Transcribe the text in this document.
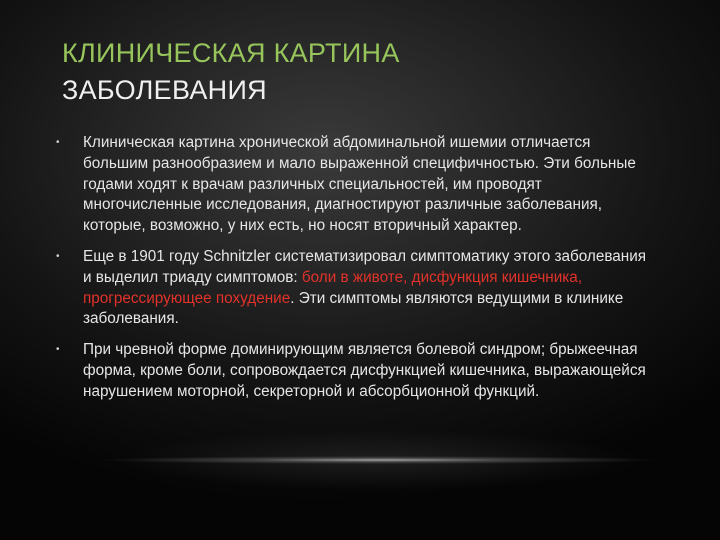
КЛИНИЧЕСКАЯ КАРТИНА
ЗАБОЛЕВАНИЯ
• Клиническая картина хронической абдоминальной ишемии отличается большим разнообразием и мало выраженной специфичностью. Эти больные годами ходят к врачам различных специальностей, им проводят многочисленные исследования, диагностируют различные заболевания, которые, возможно, у них есть, но носят вторичный характер.
• Еще в 1901 году Schnitzler систематизировал симптоматику этого заболевания и выделил триаду симптомов: боли в животе, дисфункция кишечника, прогрессирующее похудение. Эти симптомы являются ведущими в клинике заболевания.
• При чревной форме доминирующим является болевой синдром; брыжеечная форма, кроме боли, сопровождается дисфункцией кишечника, выражающейся нарушением моторной, секреторной и абсорбционной функций.
